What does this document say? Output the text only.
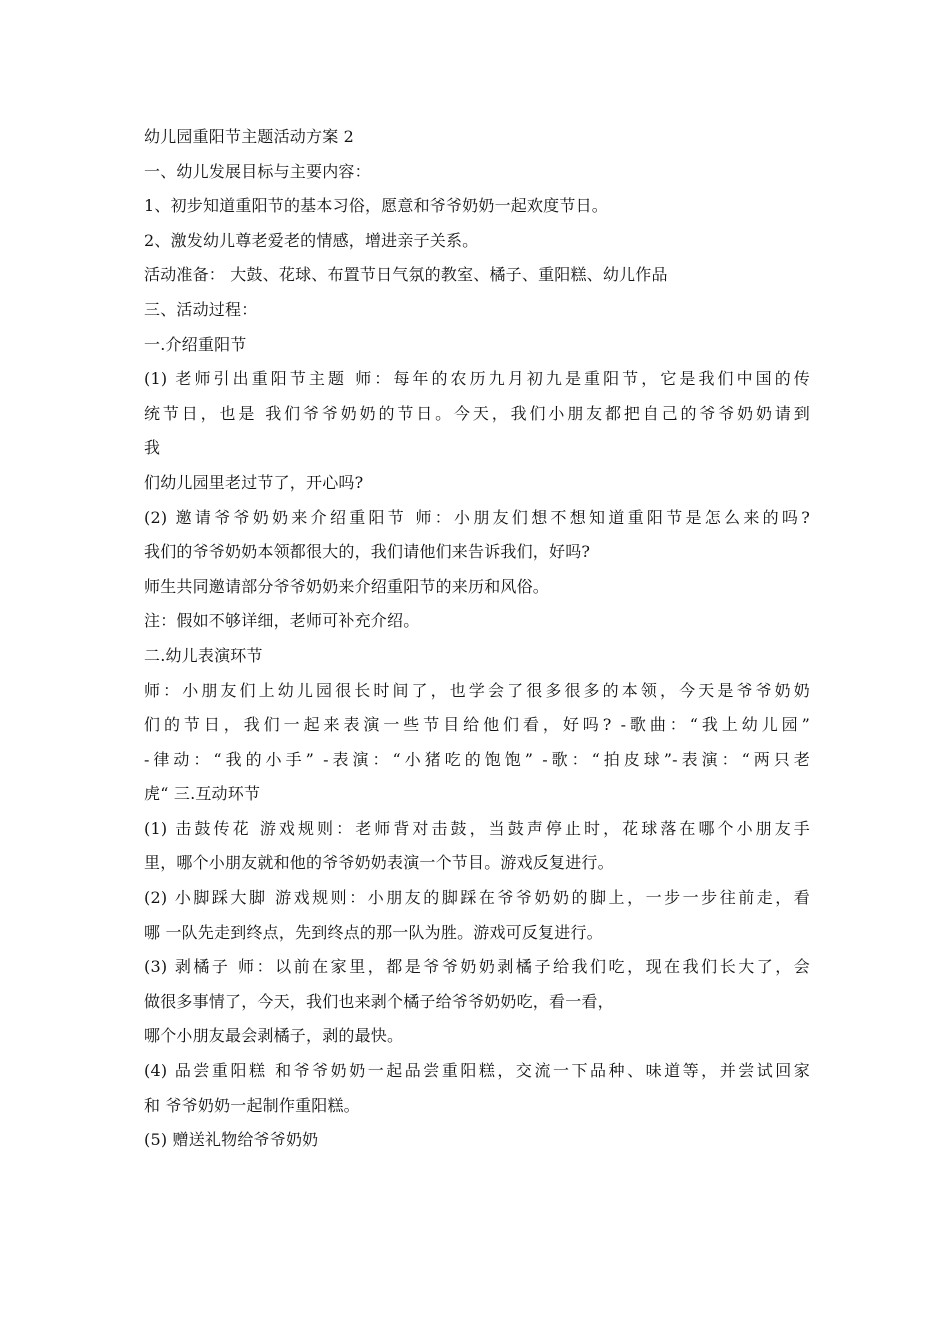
幼儿园重阳节主题活动方案 2
一、幼儿发展目标与主要内容：
1、初步知道重阳节的基本习俗，愿意和爷爷奶奶一起欢度节日。
2、激发幼儿尊老爱老的情感，增进亲子关系。
活动准备： 大鼓、花球、布置节日气氛的教室、橘子、重阳糕、幼儿作品
三、活动过程：
一.介绍重阳节
(1) 老师引出重阳节主题 师：每年的农历九月初九是重阳节，它是我们中国的传
统节日，也是 我们爷爷奶奶的节日。今天，我们小朋友都把自己的爷爷奶奶请到
我
们幼儿园里老过节了，开心吗?
(2) 邀请爷爷奶奶来介绍重阳节 师：小朋友们想不想知道重阳节是怎么来的吗?
我们的爷爷奶奶本领都很大的，我们请他们来告诉我们，好吗?
师生共同邀请部分爷爷奶奶来介绍重阳节的来历和风俗。
注：假如不够详细，老师可补充介绍。
二.幼儿表演环节
师：小朋友们上幼儿园很长时间了，也学会了很多很多的本领，今天是爷爷奶奶
们的节日，我们一起来表演一些节目给他们看，好吗? -歌曲：“我上幼儿园”
-律动：“我的小手” -表演：“小猪吃的饱饱” -歌：“拍皮球”-表演：“两只老
虎“ 三.互动环节
(1) 击鼓传花 游戏规则：老师背对击鼓，当鼓声停止时，花球落在哪个小朋友手
里，哪个小朋友就和他的爷爷奶奶表演一个节目。游戏反复进行。
(2) 小脚踩大脚 游戏规则：小朋友的脚踩在爷爷奶奶的脚上，一步一步往前走，看
哪 一队先走到终点，先到终点的那一队为胜。游戏可反复进行。
(3) 剥橘子 师：以前在家里，都是爷爷奶奶剥橘子给我们吃，现在我们长大了，会
做很多事情了，今天，我们也来剥个橘子给爷爷奶奶吃，看一看，
哪个小朋友最会剥橘子，剥的最快。
(4) 品尝重阳糕 和爷爷奶奶一起品尝重阳糕，交流一下品种、味道等，并尝试回家
和 爷爷奶奶一起制作重阳糕。
(5) 赠送礼物给爷爷奶奶
